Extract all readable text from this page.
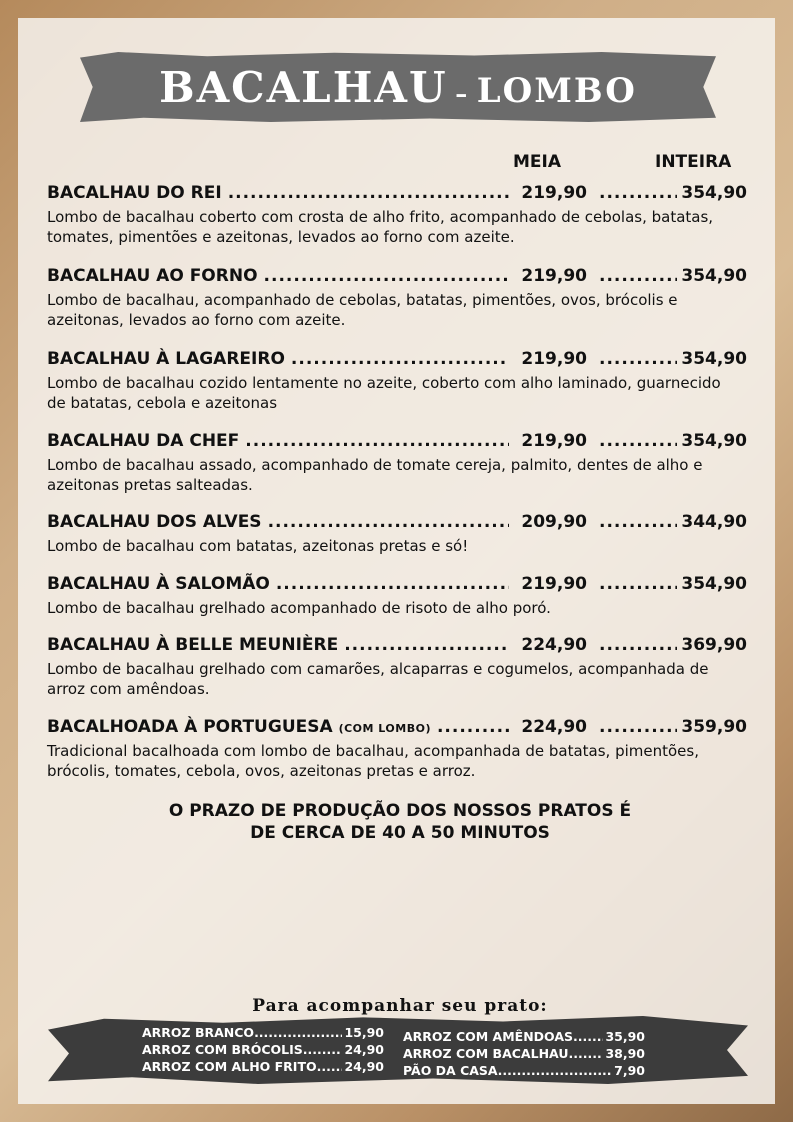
BACALHAU – LOMBO
MEIA	INTEIRA
BACALHAU DO REI .....	219,90 .....	354,90
Lombo de bacalhau coberto com crosta de alho frito, acompanhado de cebolas, batatas, tomates, pimentões e azeitonas, levados ao forno com azeite.
BACALHAU AO FORNO .....	219,90 .....	354,90
Lombo de bacalhau, acompanhado de cebolas, batatas, pimentões, ovos, brócolis e azeitonas, levados ao forno com azeite.
BACALHAU À LAGAREIRO .....	219,90 .....	354,90
Lombo de bacalhau cozido lentamente no azeite, coberto com alho laminado, guarnecido de batatas, cebola e azeitonas
BACALHAU DA CHEF .....	219,90 .....	354,90
Lombo de bacalhau assado, acompanhado de tomate cereja, palmito, dentes de alho e azeitonas pretas salteadas.
BACALHAU DOS ALVES .....	209,90 .....	344,90
Lombo de bacalhau com batatas, azeitonas pretas e só!
BACALHAU À SALOMÃO .....	219,90 .....	354,90
Lombo de bacalhau grelhado acompanhado de risoto de alho poró.
BACALHAU À BELLE MEUNIÈRE .....	224,90 .....	369,90
Lombo de bacalhau grelhado com camarões, alcaparras e cogumelos, acompanhada de arroz com amêndoas.
BACALHOADA À PORTUGUESA (COM LOMBO) .....	224,90 .....	359,90
Tradicional bacalhoada com lombo de bacalhau, acompanhada de batatas, pimentões, brócolis, tomates, cebola, ovos, azeitonas pretas e arroz.
O PRAZO DE PRODUÇÃO DOS NOSSOS PRATOS É
DE CERCA DE 40 A 50 MINUTOS
Para acompanhar seu prato:
ARROZ BRANCO .....	15,90
ARROZ COM BRÓCOLIS .....	24,90
ARROZ COM ALHO FRITO ..... 24,90
ARROZ COM AMÊNDOAS .....	35,90
ARROZ COM BACALHAU .....	38,90
PÃO DA CASA .....	7,90
